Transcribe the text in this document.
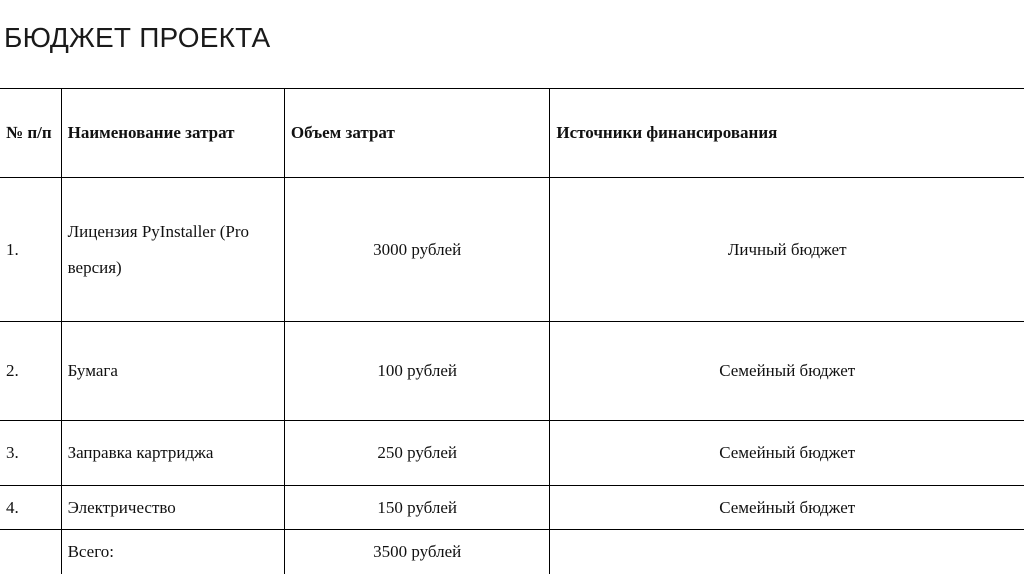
БЮДЖЕТ ПРОЕКТА
№ п/п	Наименование затрат	Объем затрат	Источники финансирования
1.	Лицензия PyInstaller (Pro версия)	3000 рублей	Личный бюджет
2.	Бумага	100 рублей	Семейный бюджет
3.	Заправка картриджа	250 рублей	Семейный бюджет
4.	Электричество	150 рублей	Семейный бюджет
	Всего:	3500 рублей	
